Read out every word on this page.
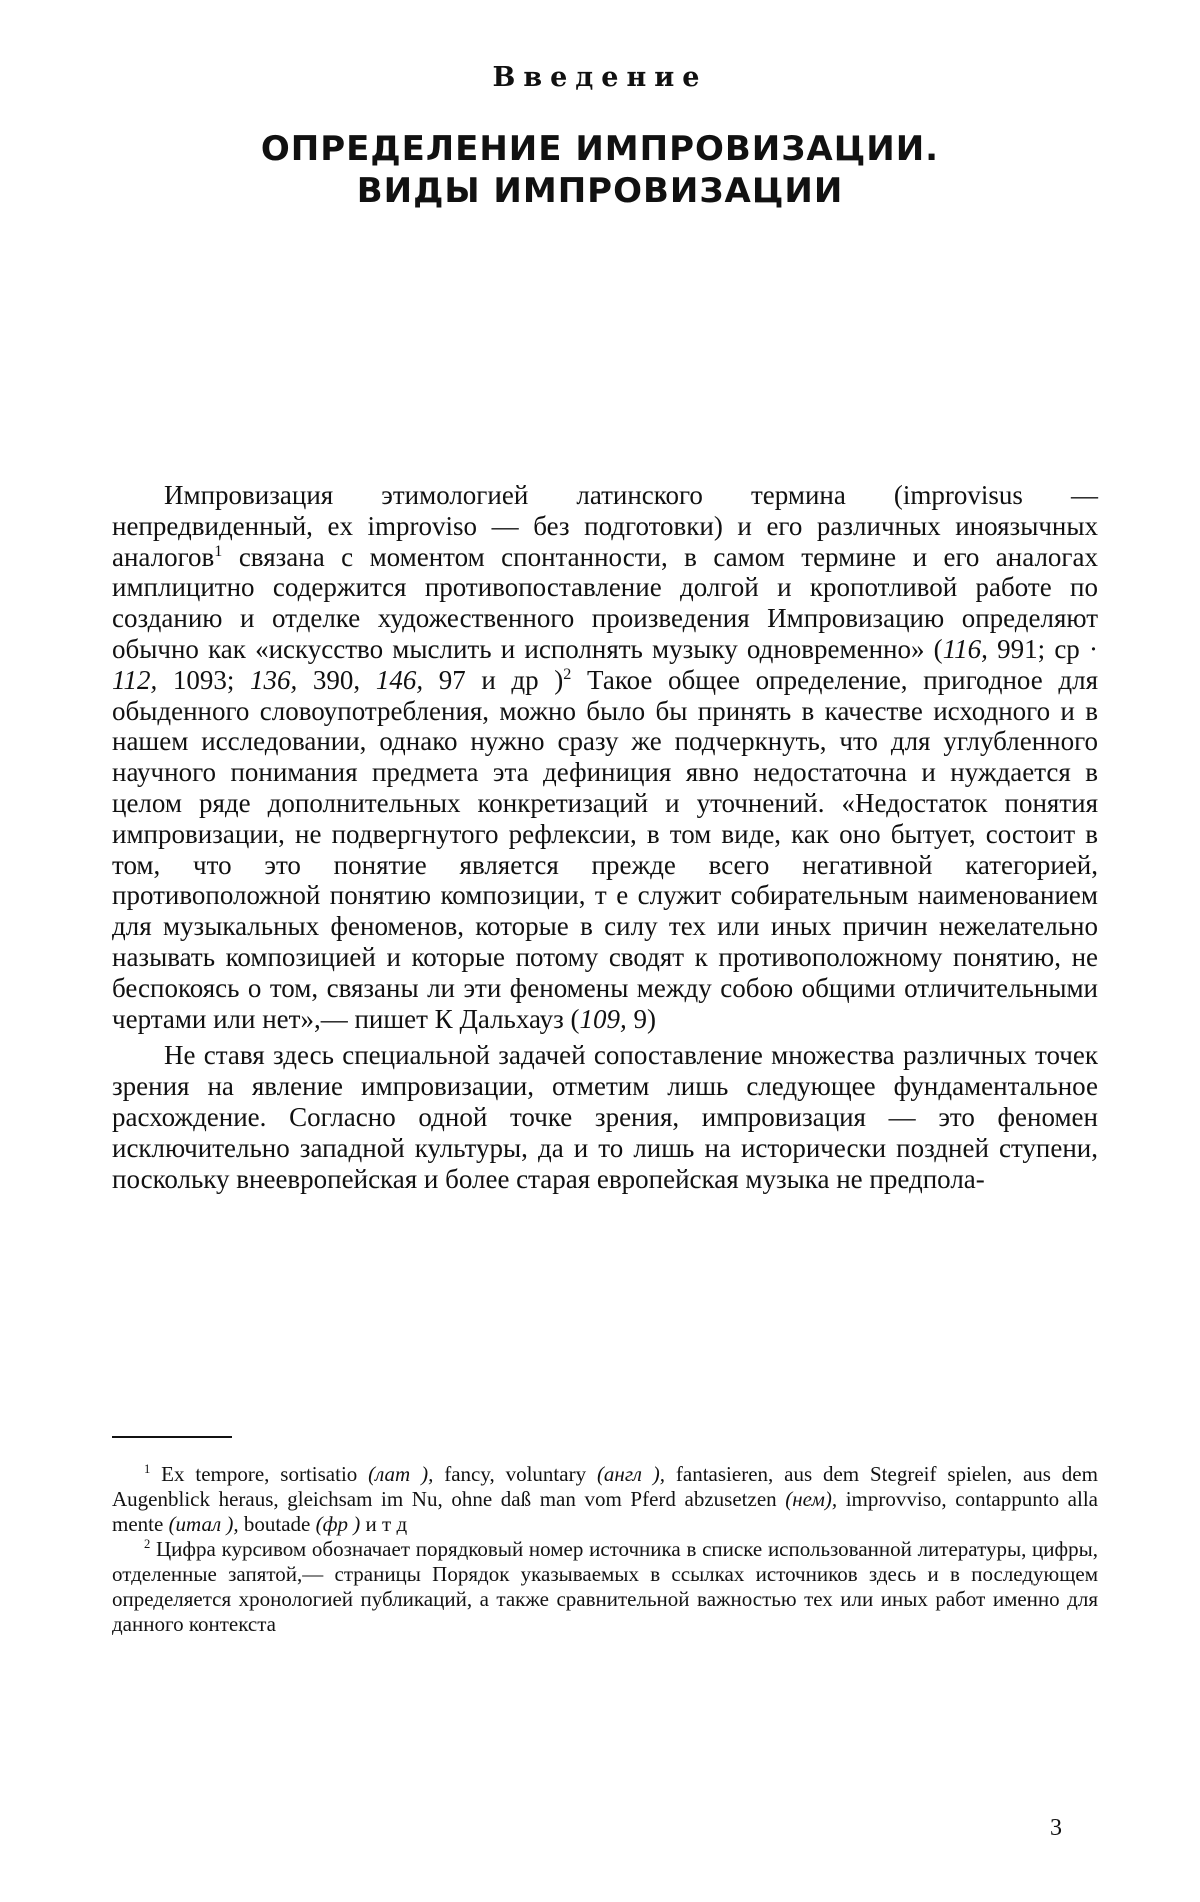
Введение
ОПРЕДЕЛЕНИЕ ИМПРОВИЗАЦИИ.
ВИДЫ ИМПРОВИЗАЦИИ

Импровизация этимологией латинского термина (improvisus — непредвиденный, ex improviso — без подготовки) и его различных иноязычных аналогов1 связана с моментом спонтанности, в самом термине и его аналогах имплицитно содержится противопоставление долгой и кропотливой работе по созданию и отделке художественного произведения Импровизацию определяют обычно как «искусство мыслить и исполнять музыку одновременно» (116, 991; ср · 112, 1093; 136, 390, 146, 97 и др )2 Такое общее определение, пригодное для обыденного словоупотребления, можно было бы принять в качестве исходного и в нашем исследовании, однако нужно сразу же подчеркнуть, что для углубленного научного понимания предмета эта дефиниция явно недостаточна и нуждается в целом ряде дополнительных конкретизаций и уточнений. «Недостаток понятия импровизации, не подвергнутого рефлексии, в том виде, как оно бытует, состоит в том, что это понятие является прежде всего негативной категорией, противоположной понятию композиции, т е служит собирательным наименованием для музыкальных феноменов, которые в силу тех или иных причин нежелательно называть композицией и которые потому сводят к противоположному понятию, не беспокоясь о том, связаны ли эти феномены между собою общими отличительными чертами или нет»,— пишет К Дальхауз (109, 9)

Не ставя здесь специальной задачей сопоставление множества различных точек зрения на явление импровизации, отметим лишь следующее фундаментальное расхождение. Согласно одной точке зрения, импровизация — это феномен исключительно западной культуры, да и то лишь на исторически поздней ступени, поскольку внеевропейская и более старая европейская музыка не предпола-

1 Ex tempore, sortisatio (лат ), fancy, voluntary (англ ), fantasieren, aus dem Stegreif spielen, aus dem Augenblick heraus, gleichsam im Nu, ohne daß man vom Pferd abzusetzen (нем), improvviso, contappunto alla mente (итал ), boutade (фр ) и т д

2 Цифра курсивом обозначает порядковый номер источника в списке использованной литературы, цифры, отделенные запятой,— страницы Порядок указываемых в ссылках источников здесь и в последующем определяется хронологией публикаций, а также сравнительной важностью тех или иных работ именно для данного контекста

3
